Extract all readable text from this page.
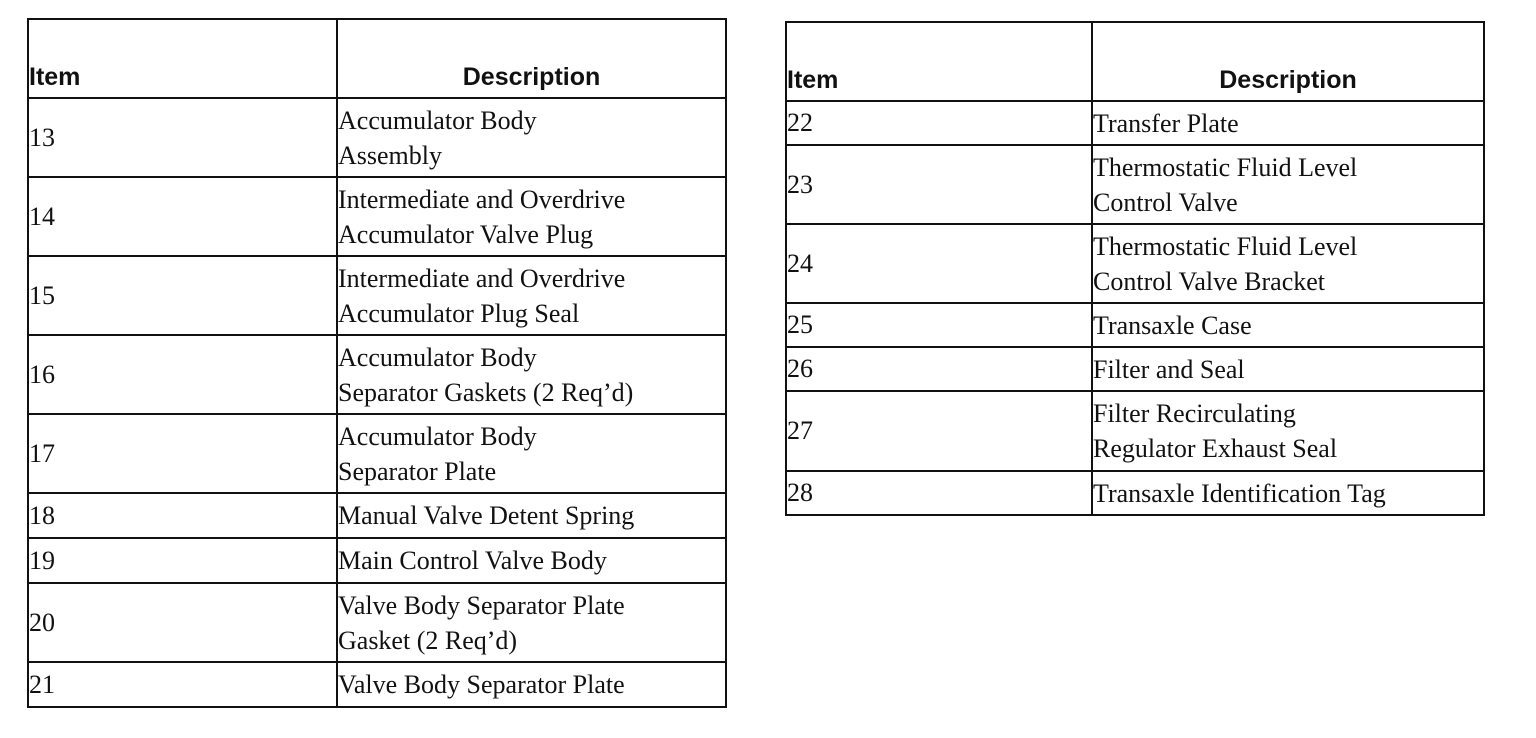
Item	Description
13	Accumulator Body
Assembly
14	Intermediate and Overdrive
Accumulator Valve Plug
15	Intermediate and Overdrive
Accumulator Plug Seal
16	Accumulator Body
Separator Gaskets (2 Req’d)
17	Accumulator Body
Separator Plate
18	Manual Valve Detent Spring
19	Main Control Valve Body
20	Valve Body Separator Plate
Gasket (2 Req’d)
21	Valve Body Separator Plate
Item	Description
22	Transfer Plate
23	Thermostatic Fluid Level
Control Valve
24	Thermostatic Fluid Level
Control Valve Bracket
25	Transaxle Case
26	Filter and Seal
27	Filter Recirculating
Regulator Exhaust Seal
28	Transaxle Identification Tag
